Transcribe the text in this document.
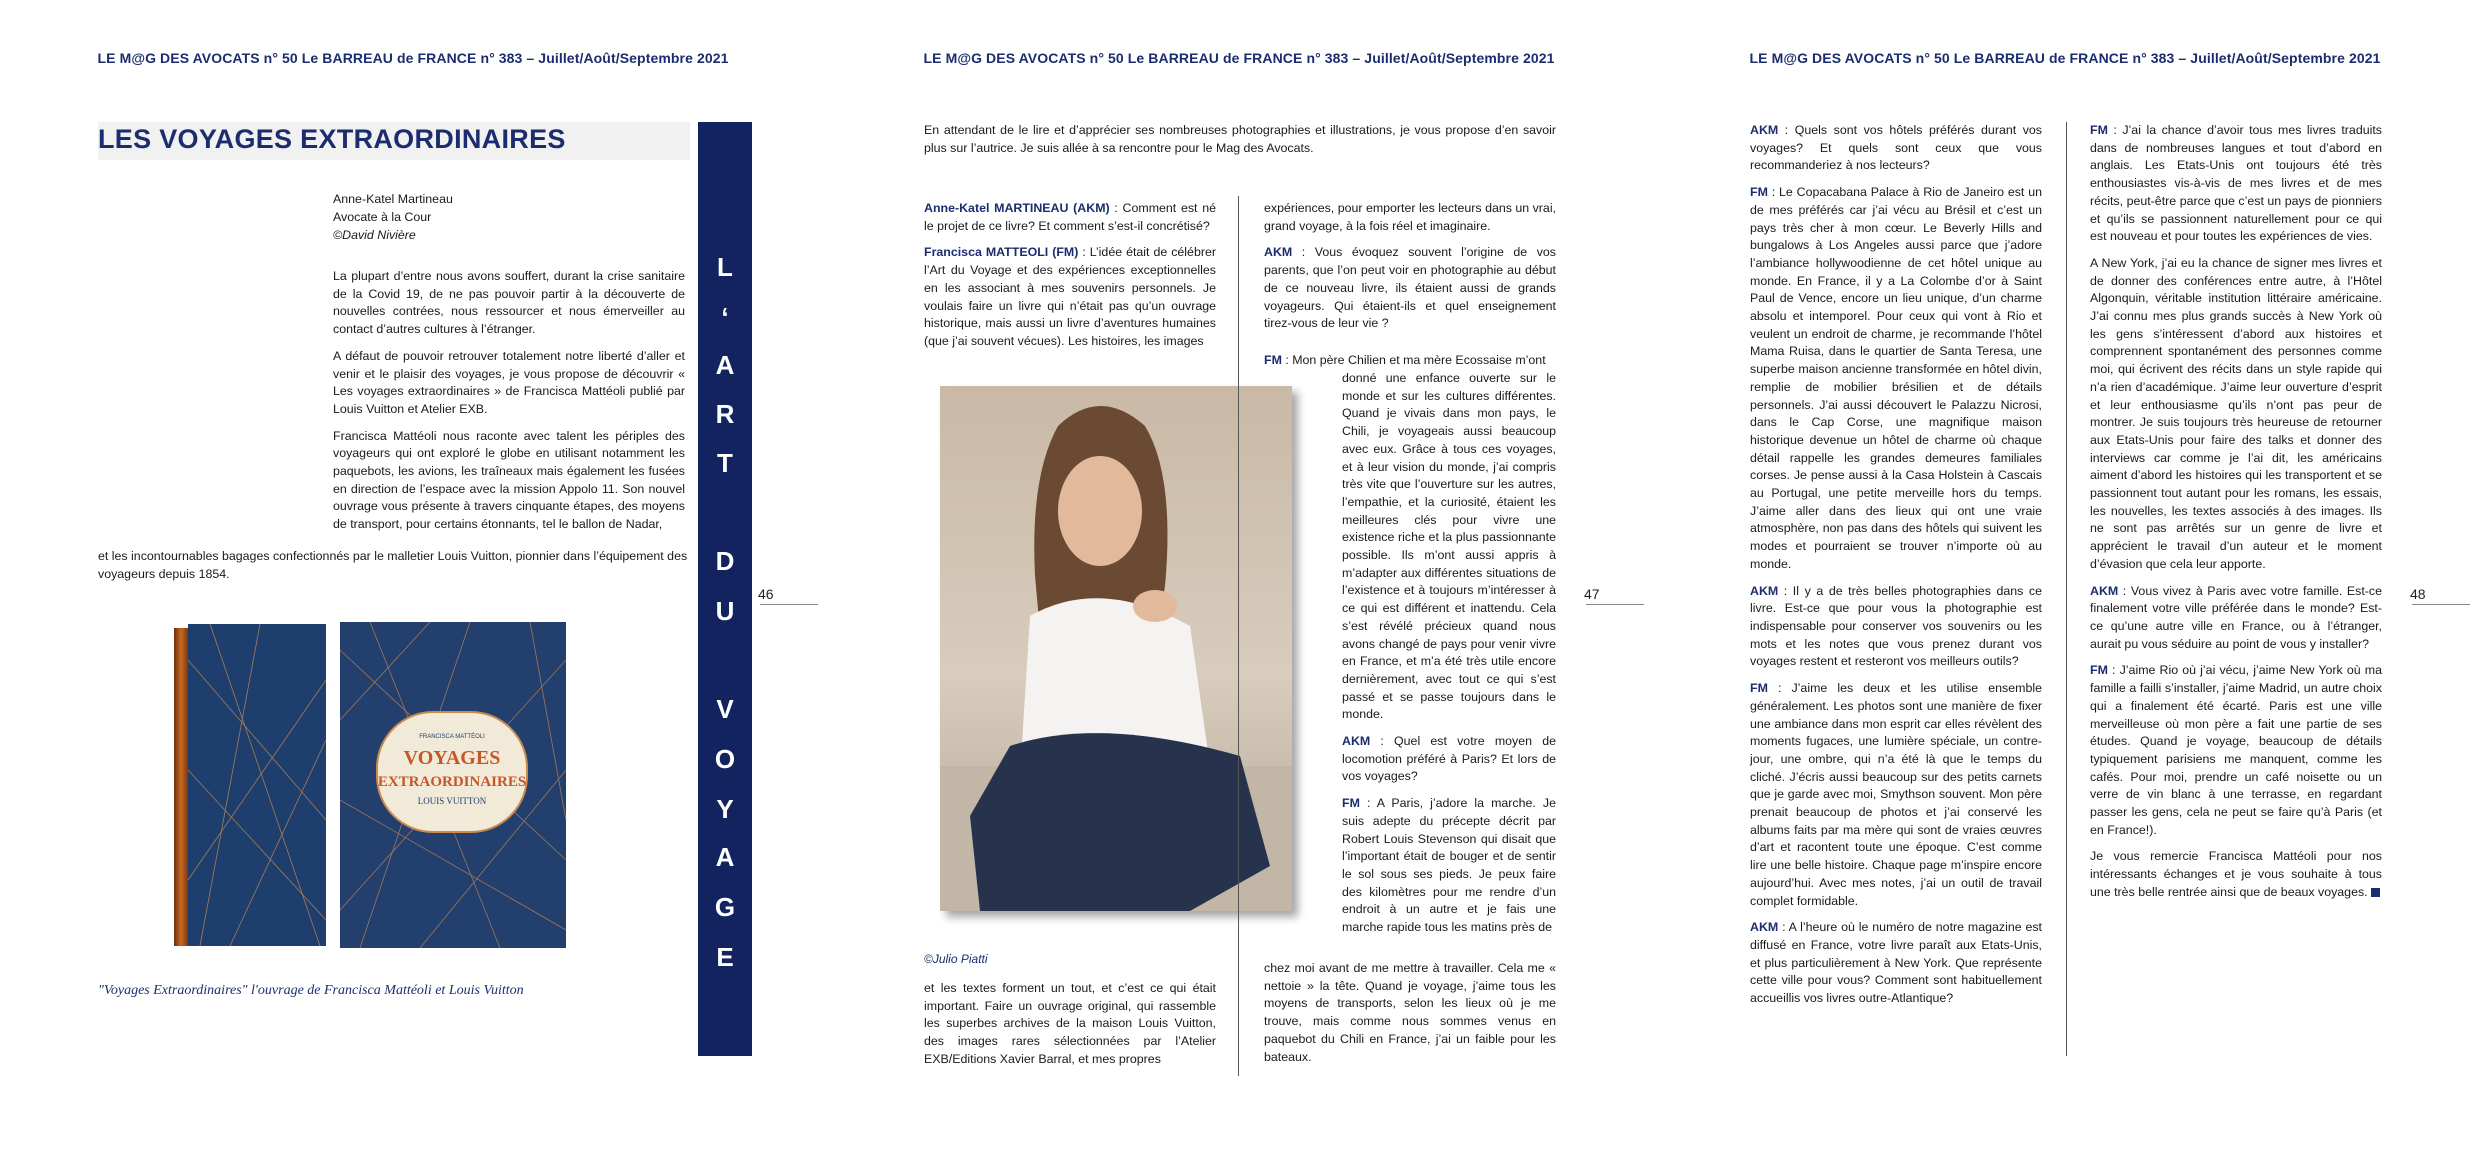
LE M@G DES AVOCATS n° 50 Le BARREAU de FRANCE n° 383 – Juillet/Août/Septembre 2021
LES VOYAGES EXTRAORDINAIRES
Anne-Katel Martineau
Avocate à la Cour
©David Nivière

La plupart d’entre nous avons souffert, durant la crise sanitaire de la Covid 19, de ne pas pouvoir partir à la découverte de nouvelles contrées, nous ressourcer et nous émerveiller au contact d’autres cultures à l’étranger.

A défaut de pouvoir retrouver totalement notre liberté d’aller et venir et le plaisir des voyages, je vous propose de découvrir « Les voyages extraordinaires » de Francisca Mattéoli publié par Louis Vuitton et Atelier EXB.

Francisca Mattéoli nous raconte avec talent les périples des voyageurs qui ont exploré le globe en utilisant notamment les paquebots, les avions, les traîneaux mais également les fusées en direction de l’espace avec la mission Appolo 11. Son nouvel ouvrage vous présente à travers cinquante étapes, des moyens de transport, pour certains étonnants, tel le ballon de Nadar,

et les incontournables bagages confectionnés par le malletier Louis Vuitton, pionnier dans l’équipement des voyageurs depuis 1854.

FRANCISCA MATTÉOLI
VOYAGES
EXTRAORDINAIRES
LOUIS VUITTON
"Voyages Extraordinaires" l'ouvrage de Francisca Mattéoli et Louis Vuitton
L
‘
A
R
T
D
U
V
O
Y
A
G
E
46
LE M@G DES AVOCATS n° 50 Le BARREAU de FRANCE n° 383 – Juillet/Août/Septembre 2021
En attendant de le lire et d’apprécier ses nombreuses photographies et illustrations, je vous propose d’en savoir plus sur l’autrice. Je suis allée à sa rencontre pour le Mag des Avocats.

Anne-Katel MARTINEAU (AKM) : Comment est né le projet de ce livre? Et comment s’est-il concrétisé?

Francisca MATTEOLI (FM) : L’idée était de célébrer l’Art du Voyage et des expériences exceptionnelles en les associant à mes souvenirs personnels. Je voulais faire un livre qui n’était pas qu’un ouvrage historique, mais aussi un livre d’aventures humaines (que j’ai souvent vécues). Les histoires, les images

©Julio Piatti
et les textes forment un tout, et c’est ce qui était important. Faire un ouvrage original, qui rassemble les superbes archives de la maison Louis Vuitton, des images rares sélectionnées par l’Atelier EXB/Editions Xavier Barral, et mes propres

expériences, pour emporter les lecteurs dans un vrai, grand voyage, à la fois réel et imaginaire.

AKM : Vous évoquez souvent l’origine de vos parents, que l’on peut voir en photographie au début de ce nouveau livre, ils étaient aussi de grands voyageurs. Qui étaient-ils et quel enseignement tirez-vous de leur vie ?

FM : Mon père Chilien et ma mère Ecossaise m’ont

donné une enfance ouverte sur le monde et sur les cultures différentes. Quand je vivais dans mon pays, le Chili, je voyageais aussi beaucoup avec eux. Grâce à tous ces voyages, et à leur vision du monde, j’ai compris très vite que l’ouverture sur les autres, l’empathie, et la curiosité, étaient les meilleures clés pour vivre une existence riche et la plus passionnante possible. Ils m’ont aussi appris à m’adapter aux différentes situations de l’existence et à toujours m’intéresser à ce qui est différent et inattendu. Cela s’est révélé précieux quand nous avons changé de pays pour venir vivre en France, et m’a été très utile encore dernièrement, avec tout ce qui s’est passé et se passe toujours dans le monde.

AKM : Quel est votre moyen de locomotion préféré à Paris? Et lors de vos voyages?

FM : A Paris, j’adore la marche. Je suis adepte du précepte décrit par Robert Louis Stevenson qui disait que l’important était de bouger et de sentir le sol sous ses pieds. Je peux faire des kilomètres pour me rendre d’un endroit à un autre et je fais une marche rapide tous les matins près de

chez moi avant de me mettre à travailler. Cela me « nettoie » la tête. Quand je voyage, j’aime tous les moyens de transports, selon les lieux où je me trouve, mais comme nous sommes venus en paquebot du Chili en France, j’ai un faible pour les bateaux.
47
LE M@G DES AVOCATS n° 50 Le BARREAU de FRANCE n° 383 – Juillet/Août/Septembre 2021

AKM : Quels sont vos hôtels préférés durant vos voyages? Et quels sont ceux que vous recommanderiez à nos lecteurs?

FM : Le Copacabana Palace à Rio de Janeiro est un de mes préférés car j’ai vécu au Brésil et c’est un pays très cher à mon cœur. Le Beverly Hills and bungalows à Los Angeles aussi parce que j’adore l’ambiance hollywoodienne de cet hôtel unique au monde. En France, il y a La Colombe d’or à Saint Paul de Vence, encore un lieu unique, d’un charme absolu et intemporel. Pour ceux qui vont à Rio et veulent un endroit de charme, je recommande l’hôtel Mama Ruisa, dans le quartier de Santa Teresa, une superbe maison ancienne transformée en hôtel divin, remplie de mobilier brésilien et de détails personnels. J’ai aussi découvert le Palazzu Nicrosi, dans le Cap Corse, une magnifique maison historique devenue un hôtel de charme où chaque détail rappelle les grandes demeures familiales corses. Je pense aussi à la Casa Holstein à Cascais au Portugal, une petite merveille hors du temps. J’aime aller dans des lieux qui ont une vraie atmosphère, non pas dans des hôtels qui suivent les modes et pourraient se trouver n’importe où au monde.

AKM : Il y a de très belles photographies dans ce livre. Est-ce que pour vous la photographie est indispensable pour conserver vos souvenirs ou les mots et les notes que vous prenez durant vos voyages restent et resteront vos meilleurs outils?

FM : J’aime les deux et les utilise ensemble généralement. Les photos sont une manière de fixer une ambiance dans mon esprit car elles révèlent des moments fugaces, une lumière spéciale, un contre-jour, une ombre, qui n’a été là que le temps du cliché. J’écris aussi beaucoup sur des petits carnets que je garde avec moi, Smythson souvent. Mon père prenait beaucoup de photos et j’ai conservé les albums faits par ma mère qui sont de vraies œuvres d’art et racontent toute une époque. C’est comme lire une belle histoire. Chaque page m’inspire encore aujourd’hui. Avec mes notes, j’ai un outil de travail complet formidable.

AKM : A l’heure où le numéro de notre magazine est diffusé en France, votre livre paraît aux Etats-Unis, et plus particulièrement à New York. Que représente cette ville pour vous? Comment sont habituellement accueillis vos livres outre-Atlantique?

FM : J’ai la chance d’avoir tous mes livres traduits dans de nombreuses langues et tout d’abord en anglais. Les Etats-Unis ont toujours été très enthousiastes vis-à-vis de mes livres et de mes récits, peut-être parce que c’est un pays de pionniers et qu’ils se passionnent naturellement pour ce qui est nouveau et pour toutes les expériences de vies.

A New York, j’ai eu la chance de signer mes livres et de donner des conférences entre autre, à l’Hôtel Algonquin, véritable institution littéraire américaine. J’ai connu mes plus grands succès à New York où les gens s’intéressent d’abord aux histoires et comprennent spontanément des personnes comme moi, qui écrivent des récits dans un style rapide qui n’a rien d’académique. J’aime leur ouverture d’esprit et leur enthousiasme qu’ils n’ont pas peur de montrer. Je suis toujours très heureuse de retourner aux Etats-Unis pour faire des talks et donner des interviews car comme je l’ai dit, les américains aiment d’abord les histoires qui les transportent et se passionnent tout autant pour les romans, les essais, les nouvelles, les textes associés à des images. Ils ne sont pas arrêtés sur un genre de livre et apprécient le travail d’un auteur et le moment d’évasion que cela leur apporte.

AKM : Vous vivez à Paris avec votre famille. Est-ce finalement votre ville préférée dans le monde? Est-ce qu’une autre ville en France, ou à l’étranger, aurait pu vous séduire au point de vous y installer?

FM : J’aime Rio où j’ai vécu, j’aime New York où ma famille a failli s’installer, j’aime Madrid, un autre choix qui a finalement été écarté. Paris est une ville merveilleuse où mon père a fait une partie de ses études. Quand je voyage, beaucoup de détails typiquement parisiens me manquent, comme les cafés. Pour moi, prendre un café noisette ou un verre de vin blanc à une terrasse, en regardant passer les gens, cela ne peut se faire qu’à Paris (et en France!).

Je vous remercie Francisca Mattéoli pour nos intéressants échanges et je vous souhaite à tous une très belle rentrée ainsi que de beaux voyages.

48
